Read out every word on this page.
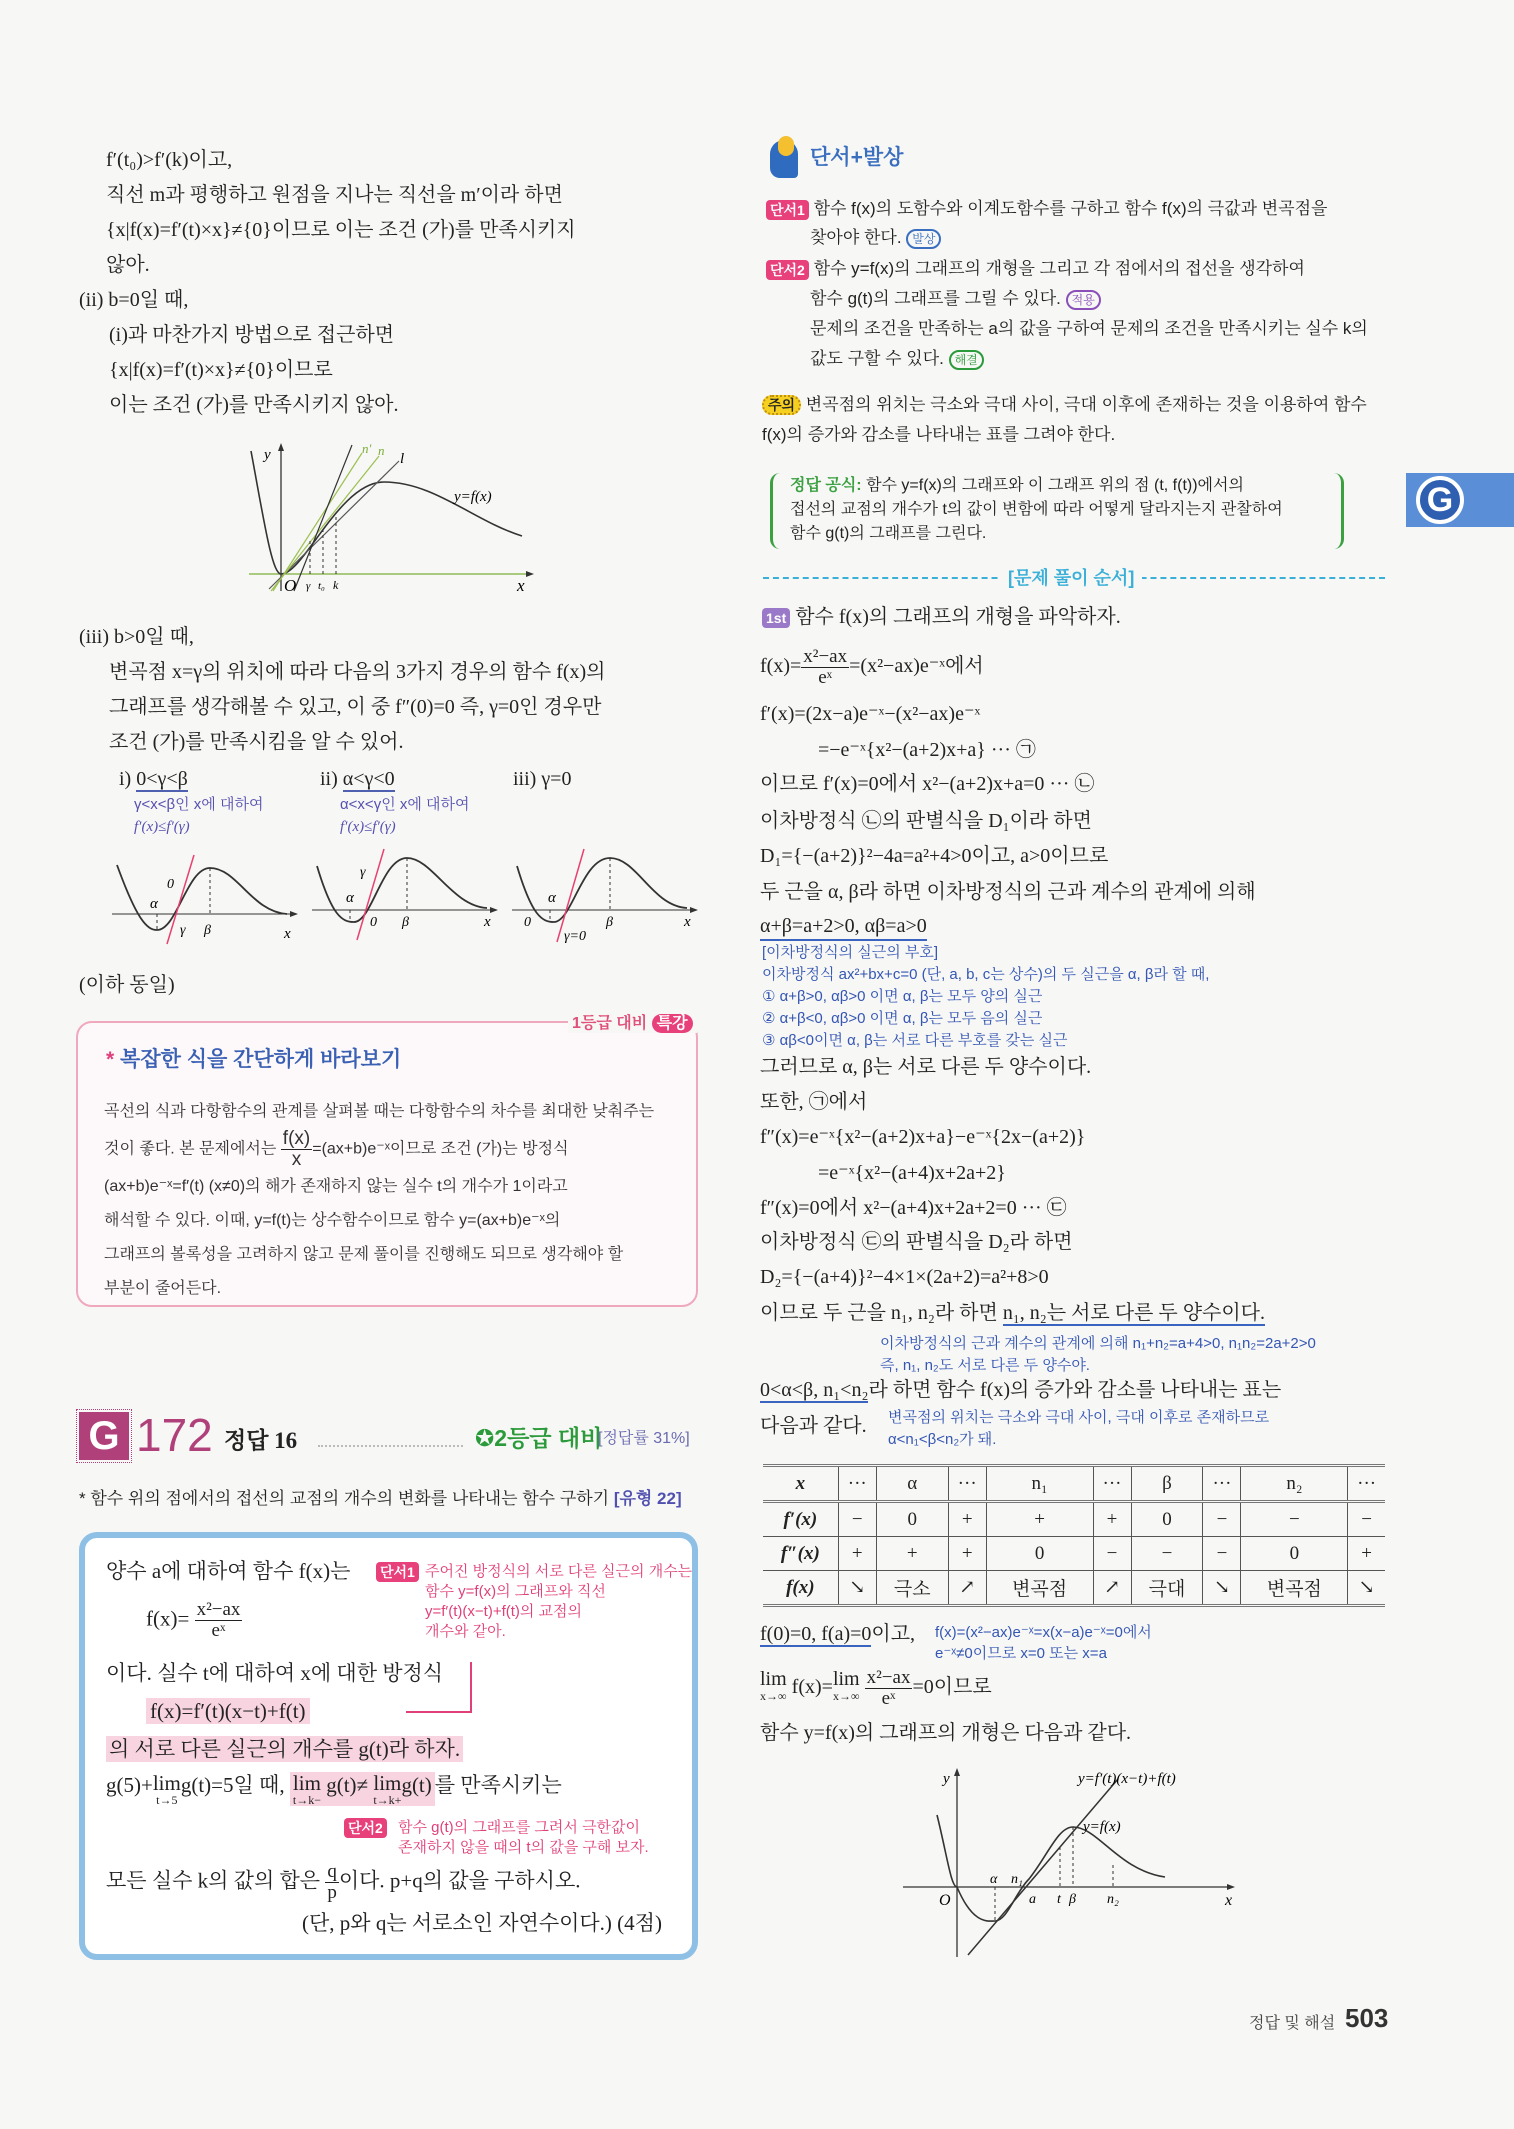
f′(t₀)>f′(k)이고,
직선 m과 평행하고 원점을 지나는 직선을 m′이라 하면
{x|f(x)=f′(t)×x}≠{0}이므로 이는 조건 (가)를 만족시키지
않아.
(ii) b=0일 때,
(i)과 마찬가지 방법으로 접근하면
{x|f(x)=f′(t)×x}≠{0}이므로
이는 조건 (가)를 만족시키지 않아.
(iii) b>0일 때,
변곡점 x=γ의 위치에 따라 다음의 3가지 경우의 함수 f(x)의
그래프를 생각해볼 수 있고, 이 중 f″(0)=0 즉, γ=0인 경우만
조건 (가)를 만족시킴을 알 수 있어.
(이하 동일)
f′(x)=(2x−a)e⁻ˣ−(x²−ax)e⁻ˣ
=−e⁻ˣ{x²−(a+2)x+a} ··· ㉠
이므로 f′(x)=0에서 x²−(a+2)x+a=0 ··· ㉡
이차방정식 ㉡의 판별식을 D₁이라 하면
D₁={−(a+2)}²−4a=a²+4>0이고, a>0이므로
두 근을 α, β라 하면 이차방정식의 근과 계수의 관계에 의해
α+β=a+2>0, αβ=a>0
그러므로 α, β는 서로 다른 두 양수이다.
또한, ㉠에서
f″(x)=e⁻ˣ{x²−(a+2)x+a}−e⁻ˣ{2x−(a+2)}
=e⁻ˣ{x²−(a+4)x+2a+2}
f″(x)=0에서 x²−(a+4)x+2a+2=0 ··· ㉢
이차방정식 ㉢의 판별식을 D₂라 하면
D₂={−(a+4)}²−4×1×(2a+2)=a²+8>0
다음과 같다.
함수 y=f(x)의 그래프의 개형은 다음과 같다.
y
x
O
y=f(x)
l
n
n′
γ t₀ k
i) 0<γ<β
γ<x<β인 x에 대하여
f′(x)≤f′(γ)
ii) α<γ<0
α<x<γ인 x에 대하여
f′(x)≤f′(γ)
iii) γ=0
α
0
γ β	x
γ
α
0 β	x 0
α
γ=0
β	x
* 복잡한 식을 간단하게 바라보기
곡선의 식과 다항함수의 관계를 살펴볼 때는 다항함수의 차수를 최대한 낮춰주는
것이 좋다. 본 문제에서는 $\frac{f(x)}{x}$ =(ax+b)e⁻ˣ이므로 조건 (가)는 방정식
(ax+b)e⁻ˣ=f′(t) (x≠0)의 해가 존재하지 않는 실수 t의 개수가 1이라고
해석할 수 있다. 이때, y=f(t)는 상수함수이므로 함수 y=(ax+b)e⁻ˣ의
그래프의 볼록성을 고려하지 않고 문제 풀이를 진행해도 되므로 생각해야 할
부분이 줄어든다.
1등급 대비 특강
G 172 정답 16	✪2등급 대비
[정답률 31%]
* 함수 위의 점에서의 접선의 교점의 개수의 변화를 나타내는 함수 구하기 [유형 22]
양수 a에 대하여 함수 f(x)는
$f(x)= \frac{\text{x²−ax}}{\text{eˣ}}$
이다. 실수 t에 대하여 x에 대한 방정식
f(x)=f′(t)(x−t)+f(t)
의 서로 다른 실근의 개수를 g(t)라 하자.
g(5)+lim
t→5
g(t)=5일 때, lim
t→k−
g(t)≠ lim
t→k+
g(t) 를 만족시키는
모든 실수 k의 값의 합은 $\frac{q}{p}$ 이다. p+q의 값을 구하시오.
(단, p와 q는 서로소인 자연수이다.) (4점)
단서1 주어진 방정식의 서로 다른 실근의 개수는
함수 y=f(x)의 그래프와 직선
y=f′(t)(x−t)+f(t)의 교점의
개수와 같아.
단서2 함수 g(t)의 그래프를 그려서 극한값이
존재하지 않을 때의 t의 값을 구해 보자.
단서+발상
단서1 함수 f(x)의 도함수와 이계도함수를 구하고 함수 f(x)의 극값과 변곡점을
찾아야 한다. 발상
단서2 함수 y=f(x)의 그래프의 개형을 그리고 각 점에서의 접선을 생각하여
함수 g(t)의 그래프를 그릴 수 있다. 적용
문제의 조건을 만족하는 a의 값을 구하여 문제의 조건을 만족시키는 실수 k의
값도 구할 수 있다. 해결
주의 변곡점의 위치는 극소와 극대 사이, 극대 이후에 존재하는 것을 이용하여 함수
f(x)의 증가와 감소를 나타내는 표를 그려야 한다.
정답 공식: 함수 y=f(x)의 그래프와 이 그래프 위의 점 (t, f(t))에서의
접선의 교점의 개수가 t의 값이 변함에 따라 어떻게 달라지는지 관찰하여
함수 g(t)의 그래프를 그린다.
[문제 풀이 순서]
1st 함수 f(x)의 그래프의 개형을 파악하자.
$f(x)= \frac{\text{x²−ax}}{\text{eˣ}}$ =(x²−ax)e⁻ˣ에서
[이차방정식의 실근의 부호]
이차방정식 ax²+bx+c=0 (단, a, b, c는 상수)의 두 실근을 α, β라 할 때,
① α+β>0, αβ>0 이면 α, β는 모두 양의 실근
② α+β<0, αβ>0 이면 α, β는 모두 음의 실근
③ αβ<0이면 α, β는 서로 다른 부호를 갖는 실근
이므로 두 근을 n₁, n₂라 하면 n₁, n₂는 서로 다른 두 양수이다.
이차방정식의 근과 계수의 관계에 의해 n₁+n₂=a+4>0, n₁n₂=2a+2>0
즉, n₁, n₂도 서로 다른 두 양수야.
0<α<β, n₁<n₂라 하면 함수 f(x)의 증가와 감소를 나타내는 표는
변곡점의 위치는 극소와 극대 사이, 극대 이후로 존재하므로
α<n₁<β<n₂가 돼.
x	···	α	···	n₁	···	β	···	n₂	···
f′(x)	−	0	+	+	+	0	−	−	−
f″(x)	+	+	+	0	−	−	−	0	+
f(x)	↘	극소	↗	변곡점	↗	극대	↘	변곡점	↘
f(0)=0, f(a)=0이고, f(x)=(x²−ax)e⁻ˣ=x(x−a)e⁻ˣ=0에서
e⁻ˣ≠0이므로 x=0 또는 x=a
lim
x→∞ f(x)=lim
x→∞
$\frac{\text{x²−ax}}{\text{eˣ}} =0$이므로
y
x
O
α n₁
a t β n₂
y=f′(t)(x−t)+f(t)
y=f(x)
G
정답 및 해설 503
